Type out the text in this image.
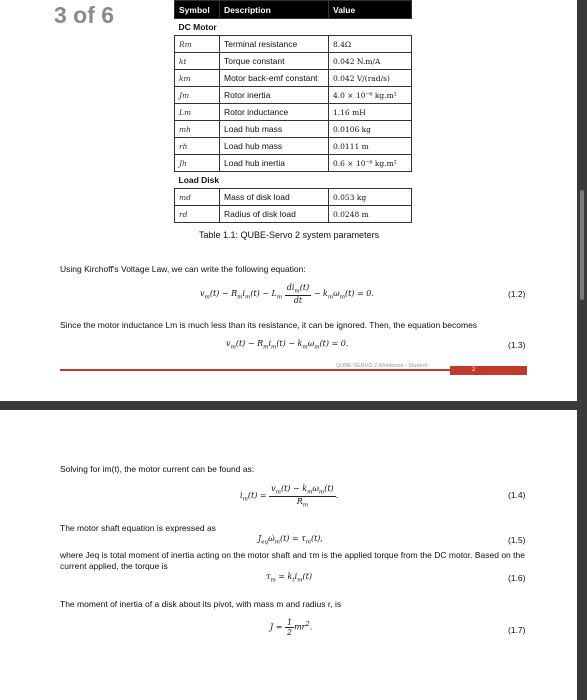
3 of 6	Symbol	Description	Value
DC Motor		
Rm	Terminal resistance	8.4Ω
kt	Torque constant	0.042 N.m/A
km	Motor back-emf constant	0.042 V/(rad/s)
Jm	Rotor inertia	4.0 × 10⁻⁶ kg.m²
Lm	Rotor inductance	1.16 mH
mh	Load hub mass	0.0106 kg
rh	Load hub mass	0.0111 m
Jh	Load hub inertia	0.6 × 10⁻⁶ kg.m²
Load Disk		
md	Mass of disk load	0.053 kg
rd	Radius of disk load	0.0248 m
Table 1.1: QUBE-Servo 2 system parameters
Using Kirchoff's Voltage Law, we can write the following equation:
$v_m(t) - R_mi_m(t) - L_m \frac{di_m(t)}{dt} - k_m\omega_m(t) = 0$.	(1.2)
Since the motor inductance Lm is much less than its resistance, it can be ignored. Then, the equation becomes
$v_m(t) - R_mi_m(t) - k_m\omega_m(t) = 0$.	(1.3)
QUBE-SERVO 2 Workbook - Student
2
Solving for im(t), the motor current can be found as:
$i_m(t) = \frac{v_m(t) - k_m\omega_m(t)}{R_m}$ .	(1.4)
The motor shaft equation is expressed as
$J_{eq}\omegȧ_m(t) = \tau_m(t)$,	(1.5)
where Jeq is total moment of inertia acting on the motor shaft and τm is the applied torque from the DC motor. Based on the current applied, the torque is
$\tau_m = k_ti_m(t)$	(1.6)
The moment of inertia of a disk about its pivot, with mass m and radius r, is
$J = \frac{1}{2} mr^2$.	(1.7)
